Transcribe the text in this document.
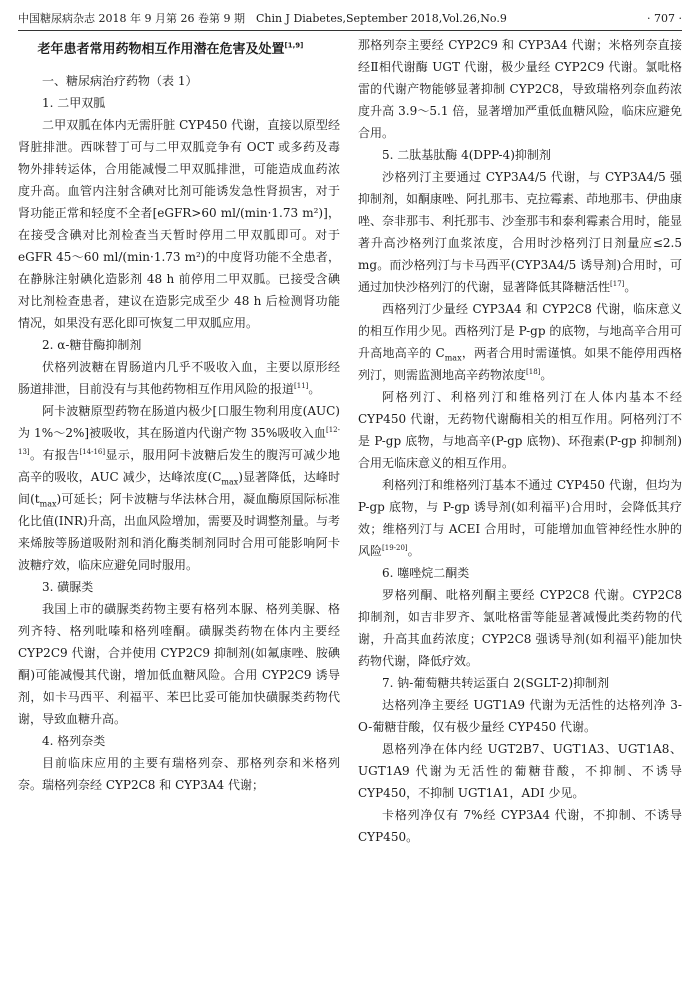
中国糖尿病杂志 2018 年 9 月第 26 卷第 9 期　Chin J Diabetes,September 2018,Vol.26,No.9	· 707 ·
老年患者常用药物相互作用潜在危害及处置[1,9]

一、糖尿病治疗药物（表 1）

1. 二甲双胍

二甲双胍在体内无需肝脏 CYP450 代谢，直接以原型经肾脏排泄。西咪替丁可与二甲双胍竞争有 OCT 或多药及毒物外排转运体，合用能减慢二甲双胍排泄，可能造成血药浓度升高。血管内注射含碘对比剂可能诱发急性肾损害，对于肾功能正常和轻度不全者[eGFR>60 ml/(min·1.73 m²)]，在接受含碘对比剂检查当天暂时停用二甲双胍即可。对于 eGFR 45～60 ml/(min·1.73 m²)的中度肾功能不全患者，在静脉注射碘化造影剂 48 h 前停用二甲双胍。已接受含碘对比剂检查患者，建议在造影完成至少 48 h 后检测肾功能情况，如果没有恶化即可恢复二甲双胍应用。

2. α-糖苷酶抑制剂

伏格列波糖在胃肠道内几乎不吸收入血，主要以原形经肠道排泄，目前没有与其他药物相互作用风险的报道[11]。

阿卡波糖原型药物在肠道内极少[口服生物利用度(AUC)为 1%～2%]被吸收，其在肠道内代谢产物 35%吸收入血[12-13]。有报告[14-16]显示，服用阿卡波糖后发生的腹泻可减少地高辛的吸收，AUC 减少，达峰浓度$(C_{max})$显著降低，达峰时间$(t_{max})$可延长；阿卡波糖与华法林合用，凝血酶原国际标准化比值(INR)升高，出血风险增加，需要及时调整剂量。与考来烯胺等肠道吸附剂和消化酶类制剂同时合用可能影响阿卡波糖疗效，临床应避免同时服用。

3. 磺脲类

我国上市的磺脲类药物主要有格列本脲、格列美脲、格列齐特、格列吡嗪和格列喹酮。磺脲类药物在体内主要经 CYP2C9 代谢，合并使用 CYP2C9 抑制剂(如氟康唑、胺碘酮)可能减慢其代谢，增加低血糖风险。合用 CYP2C9 诱导剂，如卡马西平、利福平、苯巴比妥可能加快磺脲类药物代谢，导致血糖升高。

4. 格列奈类

目前临床应用的主要有瑞格列奈、那格列奈和米格列奈。瑞格列奈经 CYP2C8 和 CYP3A4 代谢；

那格列奈主要经 CYP2C9 和 CYP3A4 代谢；米格列奈直接经Ⅱ相代谢酶 UGT 代谢，极少量经 CYP2C9 代谢。氯吡格雷的代谢产物能够显著抑制 CYP2C8，导致瑞格列奈血药浓度升高 3.9～5.1 倍，显著增加严重低血糖风险，临床应避免合用。

5. 二肽基肽酶 4(DPP-4)抑制剂

沙格列汀主要通过 CYP3A4/5 代谢，与 CYP3A4/5 强抑制剂，如酮康唑、阿扎那韦、克拉霉素、茚地那韦、伊曲康唑、奈非那韦、利托那韦、沙奎那韦和泰利霉素合用时，能显著升高沙格列汀血浆浓度，合用时沙格列汀日剂量应≤2.5 mg。而沙格列汀与卡马西平(CYP3A4/5 诱导剂)合用时，可通过加快沙格列汀的代谢，显著降低其降糖活性[17]。

西格列汀少量经 CYP3A4 和 CYP2C8 代谢，临床意义的相互作用少见。西格列汀是 P-gp 的底物，与地高辛合用可升高地高辛的 $C_{max}$，两者合用时需谨慎。如果不能停用西格列汀，则需监测地高辛药物浓度[18]。

阿格列汀、利格列汀和维格列汀在人体内基本不经 CYP450 代谢，无药物代谢酶相关的相互作用。阿格列汀不是 P-gp 底物，与地高辛(P-gp 底物)、环孢素(P-gp 抑制剂)合用无临床意义的相互作用。

利格列汀和维格列汀基本不通过 CYP450 代谢，但均为 P-gp 底物，与 P-gp 诱导剂(如利福平)合用时，会降低其疗效；维格列汀与 ACEI 合用时，可能增加血管神经性水肿的风险[19-20]。

6. 噻唑烷二酮类

罗格列酮、吡格列酮主要经 CYP2C8 代谢。CYP2C8 抑制剂，如吉非罗齐、氯吡格雷等能显著减慢此类药物的代谢，升高其血药浓度；CYP2C8 强诱导剂(如利福平)能加快药物代谢，降低疗效。

7. 钠-葡萄糖共转运蛋白 2(SGLT-2)抑制剂

达格列净主要经 UGT1A9 代谢为无活性的达格列净 3-O-葡糖苷酸，仅有极少量经 CYP450 代谢。

恩格列净在体内经 UGT2B7、UGT1A3、UGT1A8、UGT1A9 代谢为无活性的葡糖苷酸，不抑制、不诱导 CYP450，不抑制 UGT1A1，ADI 少见。

卡格列净仅有 7%经 CYP3A4 代谢，不抑制、不诱导 CYP450。
